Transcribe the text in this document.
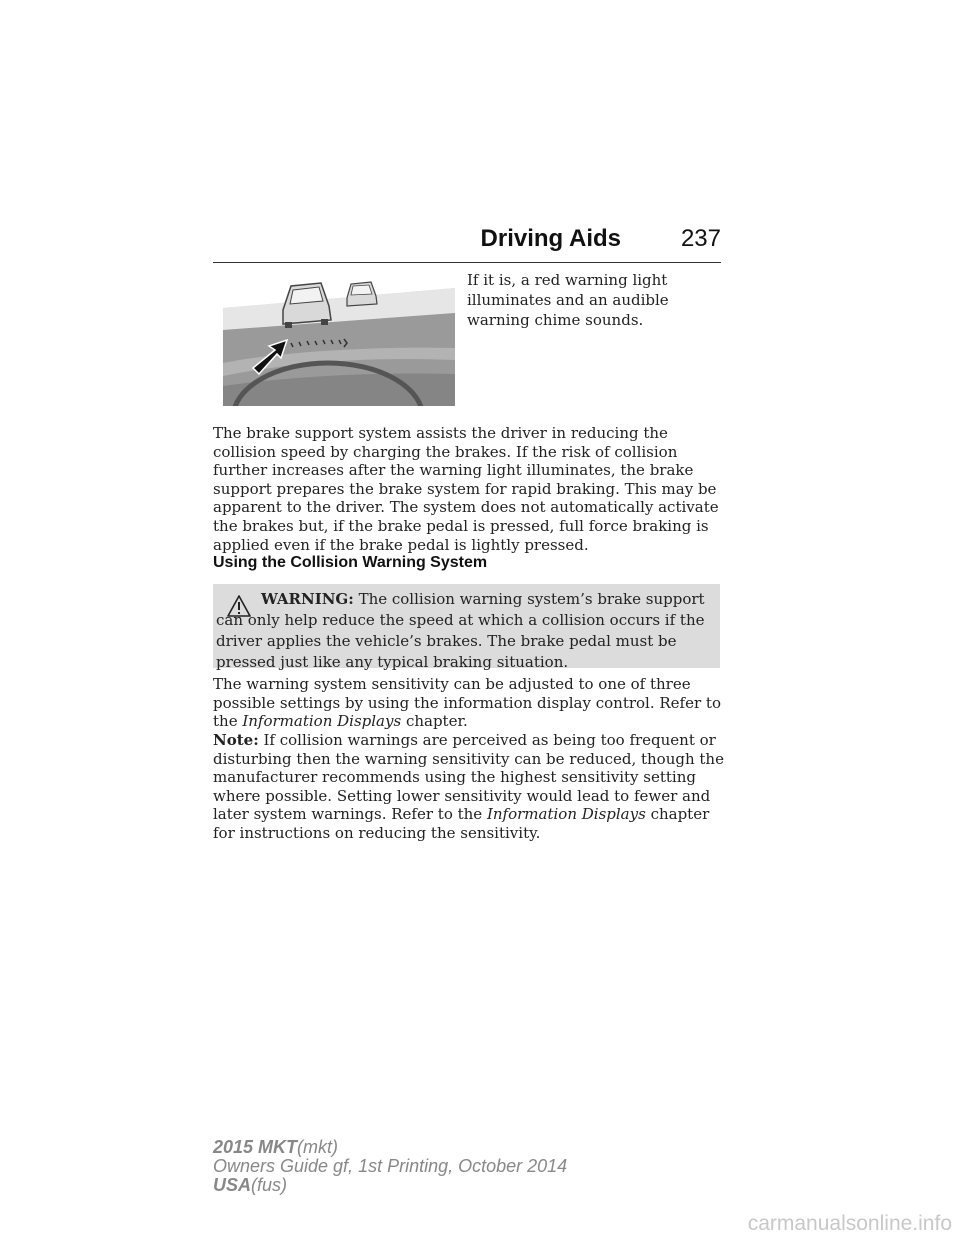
Driving Aids 237
If it is, a red warning light illuminates and an audible warning chime sounds.
The brake support system assists the driver in reducing the collision speed by charging the brakes. If the risk of collision further increases after the warning light illuminates, the brake support prepares the brake system for rapid braking. This may be apparent to the driver. The system does not automatically activate the brakes but, if the brake pedal is pressed, full force braking is applied even if the brake pedal is lightly pressed.
Using the Collision Warning System
WARNING: The collision warning system’s brake support can only help reduce the speed at which a collision occurs if the driver applies the vehicle’s brakes. The brake pedal must be pressed just like any typical braking situation.
The warning system sensitivity can be adjusted to one of three possible settings by using the information display control. Refer to the Information Displays chapter.
Note: If collision warnings are perceived as being too frequent or disturbing then the warning sensitivity can be reduced, though the manufacturer recommends using the highest sensitivity setting where possible. Setting lower sensitivity would lead to fewer and later system warnings. Refer to the Information Displays chapter for instructions on reducing the sensitivity.
2015 MKT(mkt)
Owners Guide gf, 1st Printing, October 2014
USA(fus)
carmanualsonline.info
